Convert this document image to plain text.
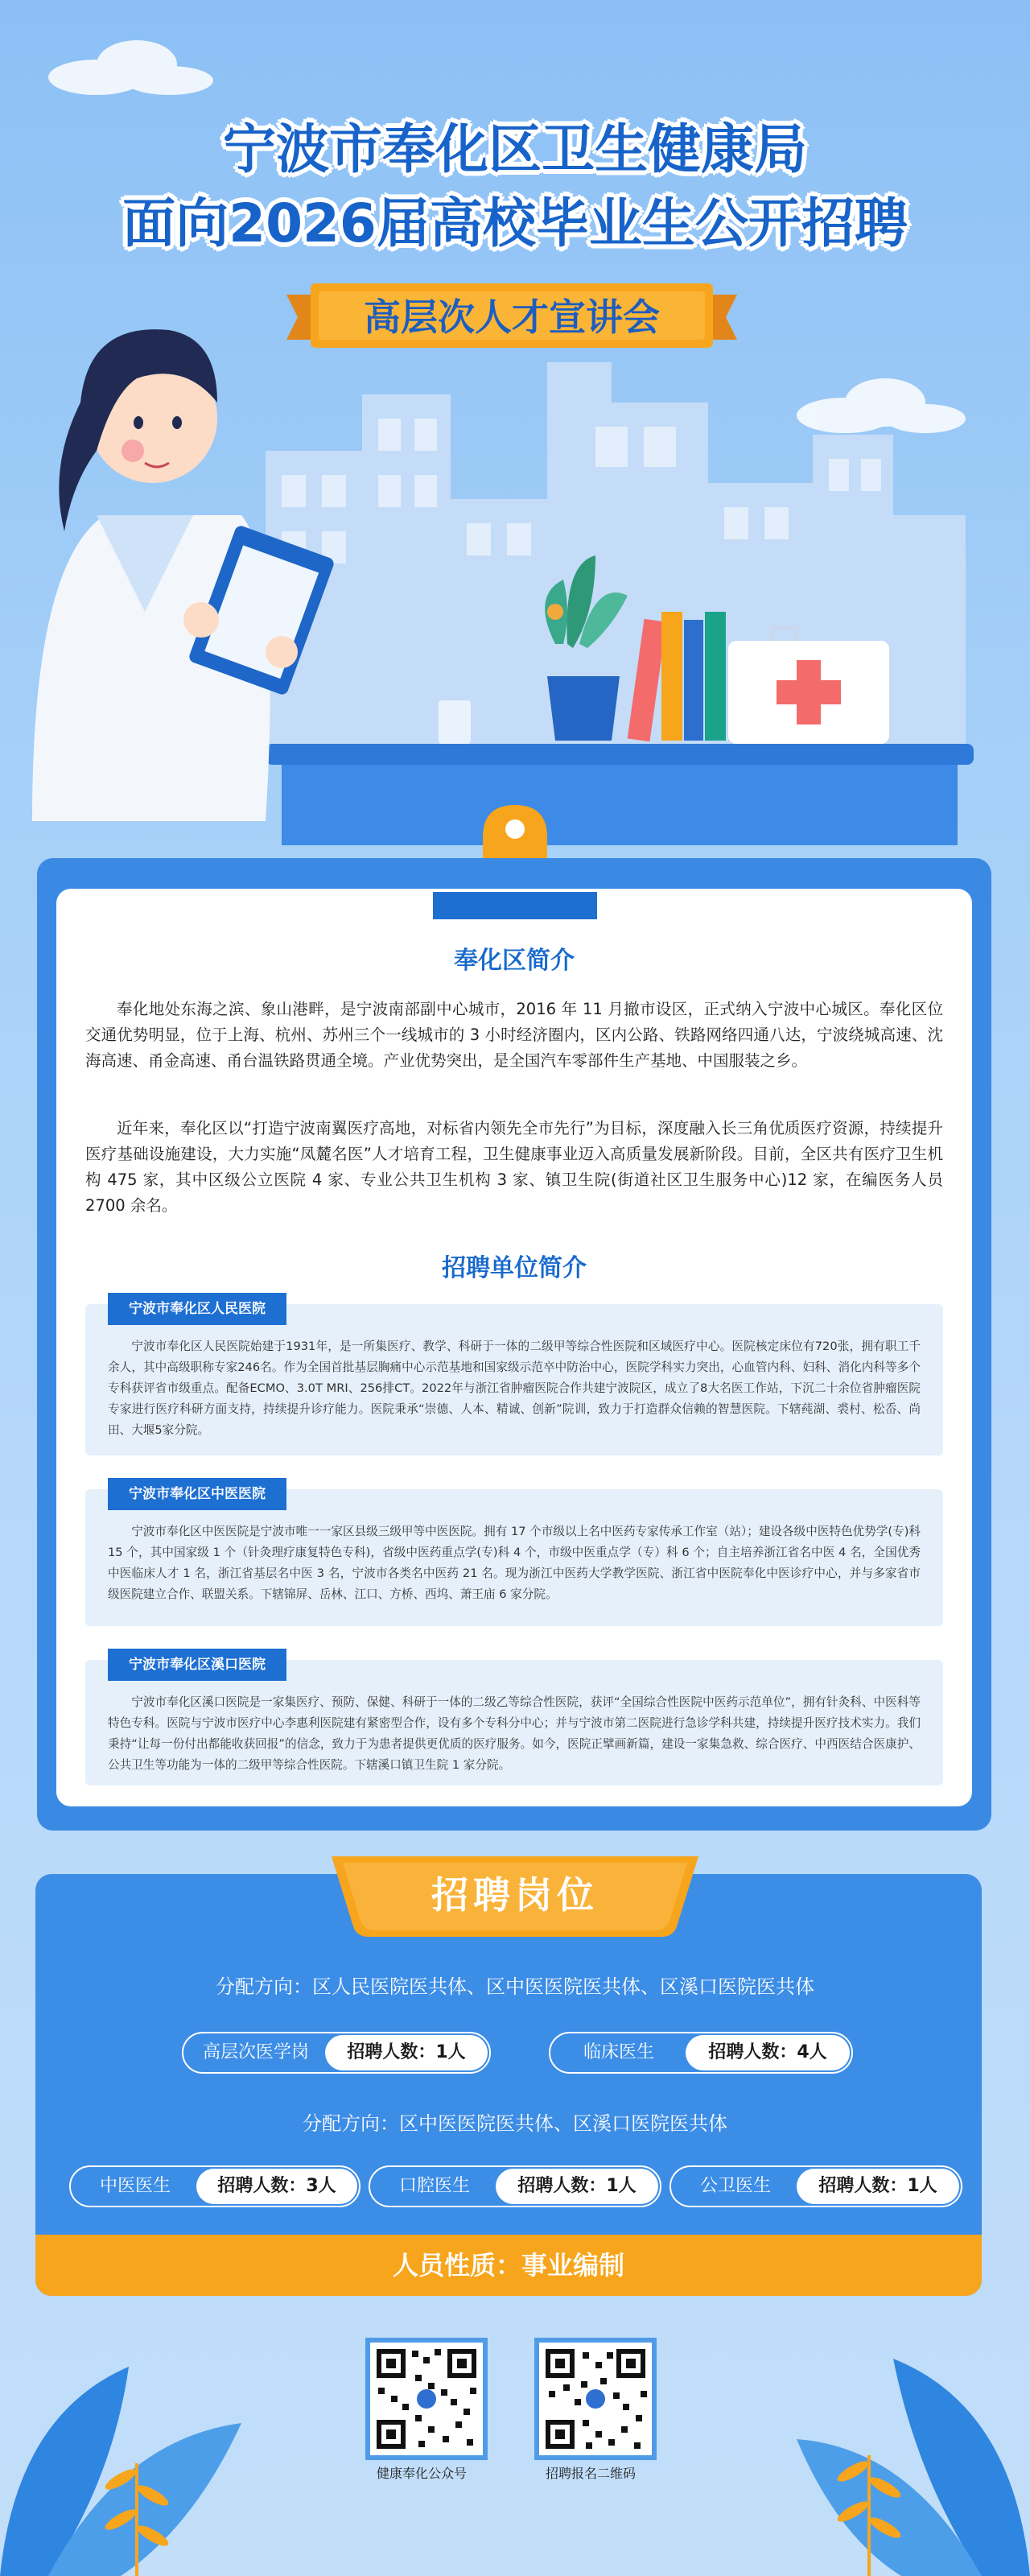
宁波市奉化区卫生健康局
面向2026届高校毕业生公开招聘
高层次人才宣讲会
奉化区简介
奉化地处东海之滨、象山港畔，是宁波南部副中心城市，2016 年 11 月撤市设区，正式纳入宁波中心城区。奉化区位交通优势明显，位于上海、杭州、苏州三个一线城市的 3 小时经济圈内，区内公路、铁路网络四通八达，宁波绕城高速、沈海高速、甬金高速、甬台温铁路贯通全境。产业优势突出，是全国汽车零部件生产基地、中国服装之乡。
近年来，奉化区以“打造宁波南翼医疗高地，对标省内领先全市先行”为目标，深度融入长三角优质医疗资源，持续提升医疗基础设施建设，大力实施“凤麓名医”人才培育工程，卫生健康事业迈入高质量发展新阶段。目前，全区共有医疗卫生机构 475 家，其中区级公立医院 4 家、专业公共卫生机构 3 家、镇卫生院(街道社区卫生服务中心)12 家，在编医务人员 2700 余名。
招聘单位简介
宁波市奉化区人民医院
宁波市奉化区人民医院始建于1931年，是一所集医疗、教学、科研于一体的二级甲等综合性医院和区域医疗中心。医院核定床位有720张，拥有职工千余人，其中高级职称专家246名。作为全国首批基层胸痛中心示范基地和国家级示范卒中防治中心，医院学科实力突出，心血管内科、妇科、消化内科等多个专科获评省市级重点。配备ECMO、3.0T MRI、256排CT。2022年与浙江省肿瘤医院合作共建宁波院区，成立了8大名医工作站，下沉二十余位省肿瘤医院专家进行医疗科研方面支持，持续提升诊疗能力。医院秉承“崇德、人本、精诚、创新”院训，致力于打造群众信赖的智慧医院。下辖莼湖、裘村、松岙、尚田、大堰5家分院。
宁波市奉化区中医医院
宁波市奉化区中医医院是宁波市唯一一家区县级三级甲等中医医院。拥有 17 个市级以上名中医药专家传承工作室（站）；建设各级中医特色优势学(专)科 15 个，其中国家级 1 个（针灸理疗康复特色专科)，省级中医药重点学(专)科 4 个，市级中医重点学（专）科 6 个；自主培养浙江省名中医 4 名，全国优秀中医临床人才 1 名，浙江省基层名中医 3 名，宁波市各类名中医药 21 名。现为浙江中医药大学教学医院、浙江省中医院奉化中医诊疗中心，并与多家省市级医院建立合作、联盟关系。下辖锦屏、岳林、江口、方桥、西坞、萧王庙 6 家分院。
宁波市奉化区溪口医院
宁波市奉化区溪口医院是一家集医疗、预防、保健、科研于一体的二级乙等综合性医院，获评“全国综合性医院中医药示范单位”，拥有针灸科、中医科等特色专科。医院与宁波市医疗中心李惠利医院建有紧密型合作，设有多个专科分中心；并与宁波市第二医院进行急诊学科共建，持续提升医疗技术实力。我们秉持“让每一份付出都能收获回报”的信念，致力于为患者提供更优质的医疗服务。如今，医院正擘画新篇，建设一家集急救、综合医疗、中西医结合医康护、公共卫生等功能为一体的二级甲等综合性医院。下辖溪口镇卫生院 1 家分院。
招聘岗位
分配方向：区人民医院医共体、区中医医院医共体、区溪口医院医共体
高层次医学岗	招聘人数：1人	临床医生	招聘人数：4人
分配方向：区中医医院医共体、区溪口医院医共体
中医医生	招聘人数：3人	口腔医生	招聘人数：1人	公卫医生	招聘人数：1人
人员性质：事业编制
健康奉化公众号	招聘报名二维码
